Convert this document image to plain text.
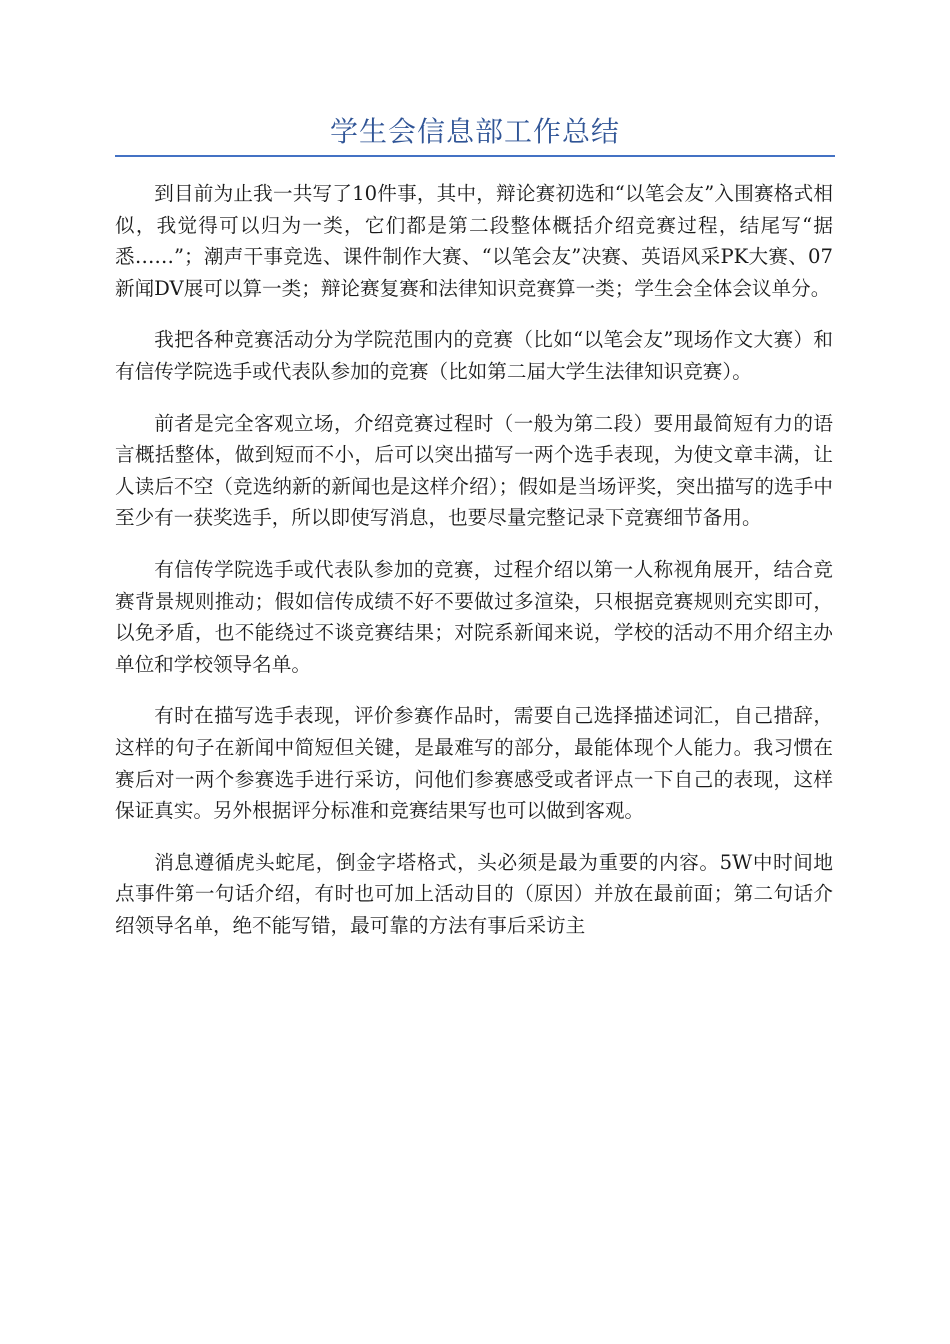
学生会信息部工作总结

到目前为止我一共写了10件事，其中，辩论赛初选和“以笔会友”入围赛格式相似，我觉得可以归为一类，它们都是第二段整体概括介绍竞赛过程，结尾写“据悉……”；潮声干事竞选、课件制作大赛、“以笔会友”决赛、英语风采PK大赛、07新闻DV展可以算一类；辩论赛复赛和法律知识竞赛算一类；学生会全体会议单分。

我把各种竞赛活动分为学院范围内的竞赛（比如“以笔会友”现场作文大赛）和有信传学院选手或代表队参加的竞赛（比如第二届大学生法律知识竞赛）。

前者是完全客观立场，介绍竞赛过程时（一般为第二段）要用最简短有力的语言概括整体，做到短而不小，后可以突出描写一两个选手表现，为使文章丰满，让人读后不空（竞选纳新的新闻也是这样介绍）；假如是当场评奖，突出描写的选手中至少有一获奖选手，所以即使写消息，也要尽量完整记录下竞赛细节备用。

有信传学院选手或代表队参加的竞赛，过程介绍以第一人称视角展开，结合竞赛背景规则推动；假如信传成绩不好不要做过多渲染，只根据竞赛规则充实即可，以免矛盾，也不能绕过不谈竞赛结果；对院系新闻来说，学校的活动不用介绍主办单位和学校领导名单。

有时在描写选手表现，评价参赛作品时，需要自己选择描述词汇，自己措辞，这样的句子在新闻中简短但关键，是最难写的部分，最能体现个人能力。我习惯在赛后对一两个参赛选手进行采访，问他们参赛感受或者评点一下自己的表现，这样保证真实。另外根据评分标准和竞赛结果写也可以做到客观。

消息遵循虎头蛇尾，倒金字塔格式，头必须是最为重要的内容。5W中时间地点事件第一句话介绍，有时也可加上活动目的（原因）并放在最前面；第二句话介绍领导名单，绝不能写错，最可靠的方法有事后采访主
